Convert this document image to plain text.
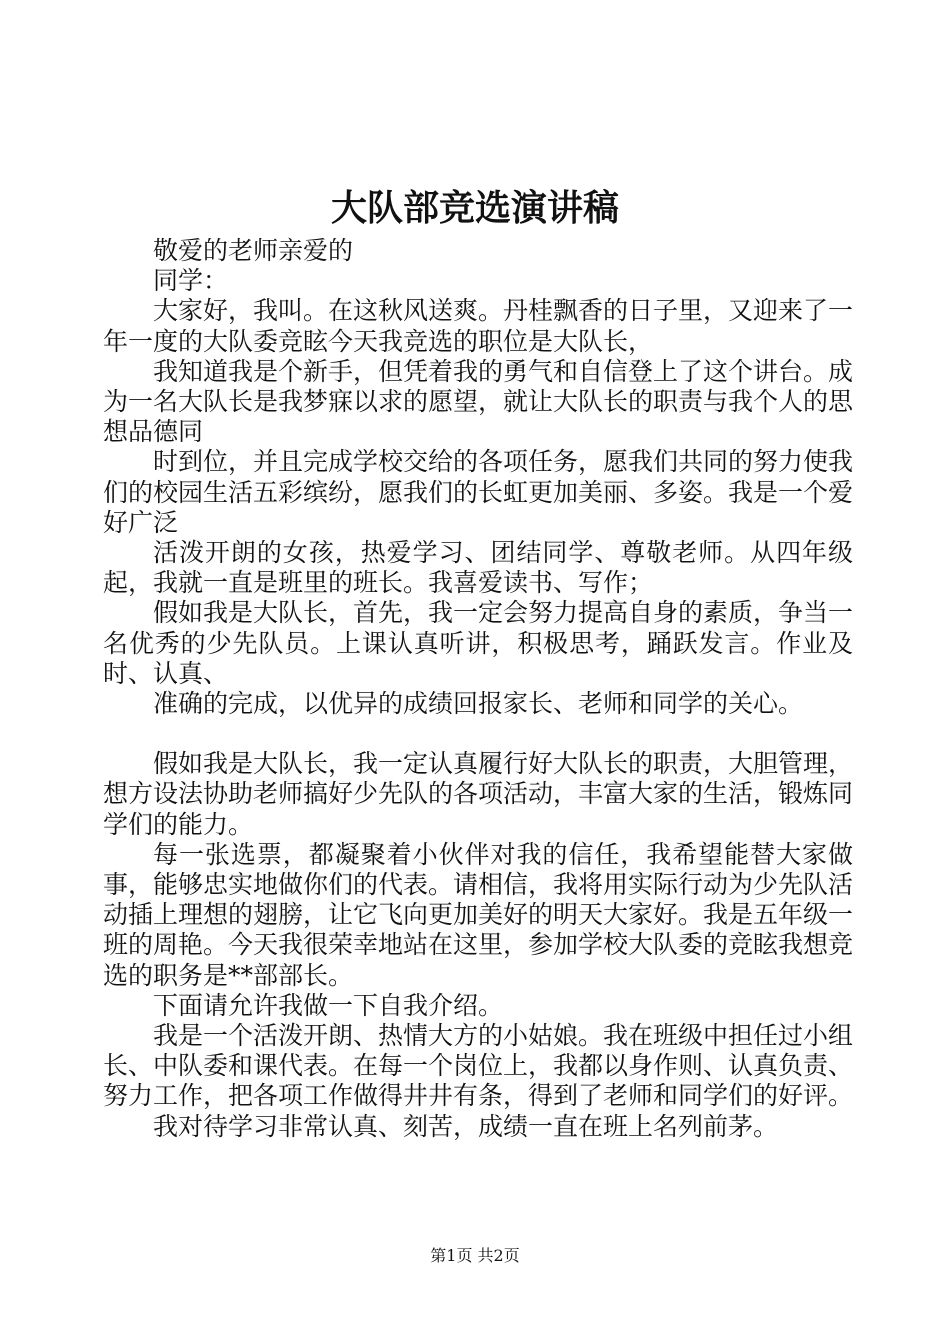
大队部竞选演讲稿

敬爱的老师亲爱的

同学：

大家好，我叫。在这秋风送爽。丹桂飘香的日子里，又迎来了一年一度的大队委竞眩今天我竞选的职位是大队长，

我知道我是个新手，但凭着我的勇气和自信登上了这个讲台。成为一名大队长是我梦寐以求的愿望，就让大队长的职责与我个人的思想品德同

时到位，并且完成学校交给的各项任务，愿我们共同的努力使我们的校园生活五彩缤纷，愿我们的长虹更加美丽、多姿。我是一个爱好广泛

活泼开朗的女孩，热爱学习、团结同学、尊敬老师。从四年级起，我就一直是班里的班长。我喜爱读书、写作；

假如我是大队长，首先，我一定会努力提高自身的素质，争当一名优秀的少先队员。上课认真听讲，积极思考，踊跃发言。作业及时、认真、

准确的完成，以优异的成绩回报家长、老师和同学的关心。

假如我是大队长，我一定认真履行好大队长的职责，大胆管理，想方设法协助老师搞好少先队的各项活动，丰富大家的生活，锻炼同学们的能力。

每一张选票，都凝聚着小伙伴对我的信任，我希望能替大家做事，能够忠实地做你们的代表。请相信，我将用实际行动为少先队活动插上理想的翅膀，让它飞向更加美好的明天大家好。我是五年级一班的周艳。今天我很荣幸地站在这里，参加学校大队委的竞眩我想竞选的职务是**部部长。

下面请允许我做一下自我介绍。

我是一个活泼开朗、热情大方的小姑娘。我在班级中担任过小组长、中队委和课代表。在每一个岗位上，我都以身作则、认真负责、努力工作，把各项工作做得井井有条，得到了老师和同学们的好评。

我对待学习非常认真、刻苦，成绩一直在班上名列前茅。

第1页 共2页
